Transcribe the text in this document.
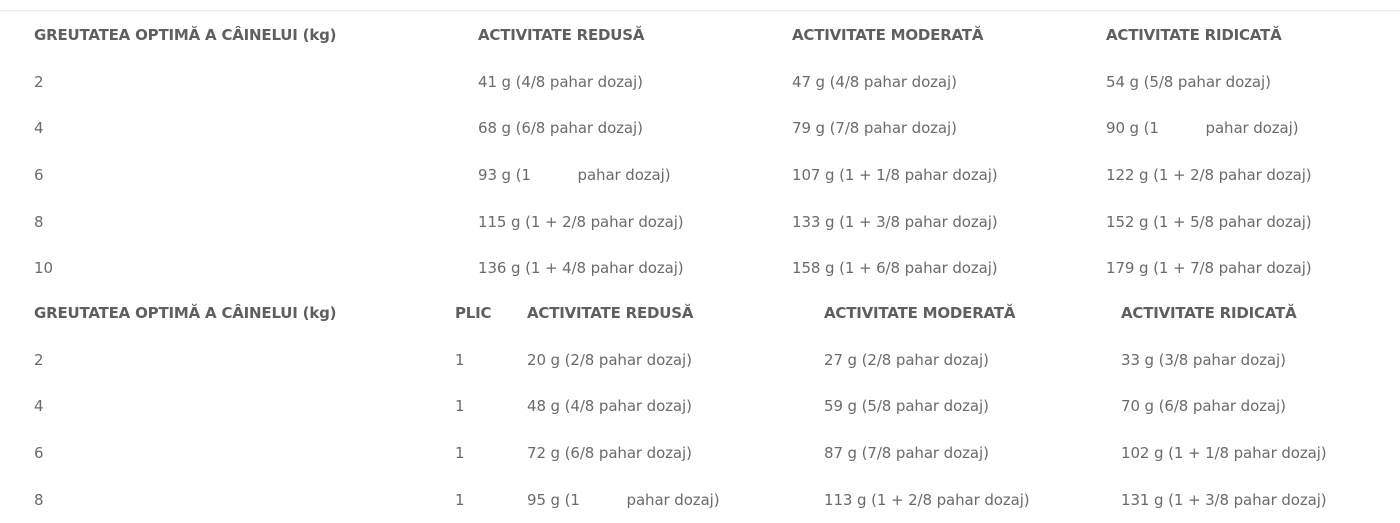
GREUTATEA OPTIMĂ A CÂINELUI (kg)	ACTIVITATE REDUSĂ	ACTIVITATE MODERATĂ	ACTIVITATE RIDICATĂ
2	41 g (4/8 pahar dozaj)	47 g (4/8 pahar dozaj)	54 g (5/8 pahar dozaj)
4	68 g (6/8 pahar dozaj)	79 g (7/8 pahar dozaj)	90 g (1          pahar dozaj)
6	93 g (1          pahar dozaj)	107 g (1 + 1/8 pahar dozaj)	122 g (1 + 2/8 pahar dozaj)
8	115 g (1 + 2/8 pahar dozaj)	133 g (1 + 3/8 pahar dozaj)	152 g (1 + 5/8 pahar dozaj)
10	136 g (1 + 4/8 pahar dozaj)	158 g (1 + 6/8 pahar dozaj)	179 g (1 + 7/8 pahar dozaj)
GREUTATEA OPTIMĂ A CÂINELUI (kg)	PLIC	ACTIVITATE REDUSĂ	ACTIVITATE MODERATĂ	ACTIVITATE RIDICATĂ
2	1	20 g (2/8 pahar dozaj)	27 g (2/8 pahar dozaj)	33 g (3/8 pahar dozaj)
4	1	48 g (4/8 pahar dozaj)	59 g (5/8 pahar dozaj)	70 g (6/8 pahar dozaj)
6	1	72 g (6/8 pahar dozaj)	87 g (7/8 pahar dozaj)	102 g (1 + 1/8 pahar dozaj)
8	1	95 g (1          pahar dozaj)	113 g (1 + 2/8 pahar dozaj)	131 g (1 + 3/8 pahar dozaj)
